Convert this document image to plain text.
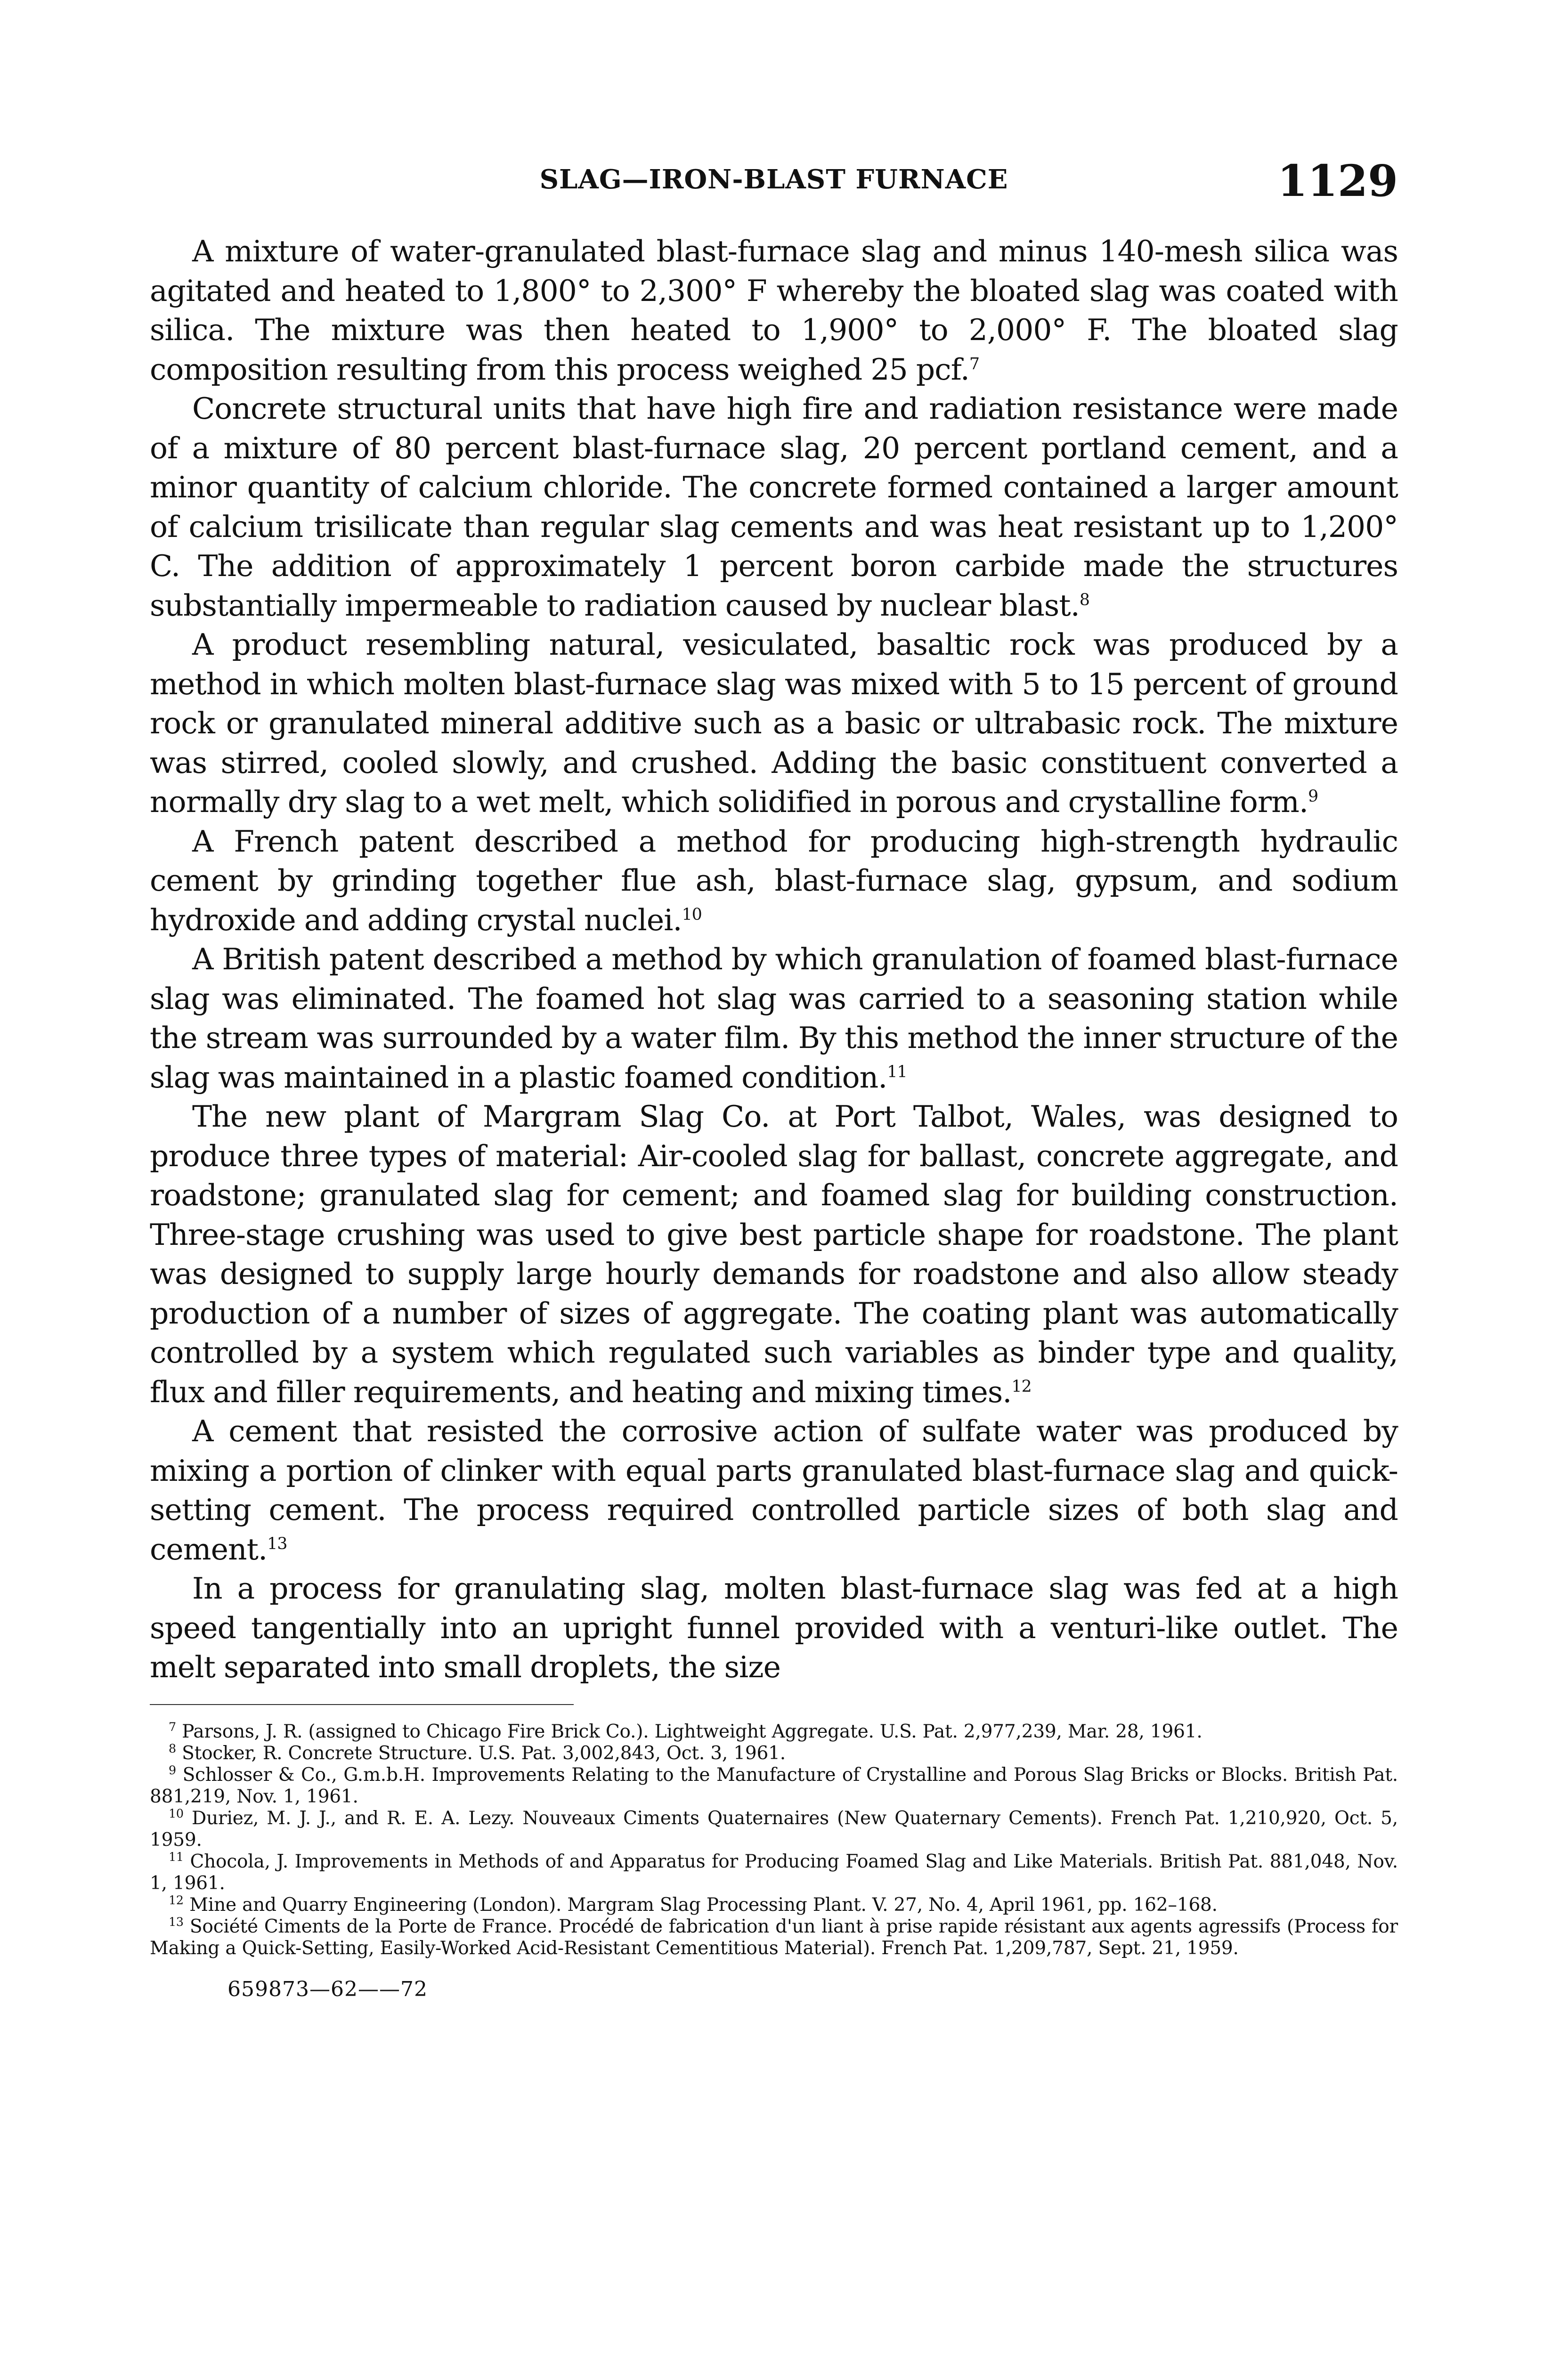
SLAG—IRON-BLAST FURNACE	1129

A mixture of water-granulated blast-furnace slag and minus 140-mesh silica was agitated and heated to 1,800° to 2,300° F whereby the bloated slag was coated with silica. The mixture was then heated to 1,900° to 2,000° F. The bloated slag composition resulting from this process weighed 25 pcf.$^7$

Concrete structural units that have high fire and radiation resistance were made of a mixture of 80 percent blast-furnace slag, 20 percent portland cement, and a minor quantity of calcium chloride. The concrete formed contained a larger amount of calcium trisilicate than regular slag cements and was heat resistant up to 1,200° C. The addition of approximately 1 percent boron carbide made the structures substantially impermeable to radiation caused by nuclear blast.$^8$

A product resembling natural, vesiculated, basaltic rock was produced by a method in which molten blast-furnace slag was mixed with 5 to 15 percent of ground rock or granulated mineral additive such as a basic or ultrabasic rock. The mixture was stirred, cooled slowly, and crushed. Adding the basic constituent converted a normally dry slag to a wet melt, which solidified in porous and crystalline form.$^9$

A French patent described a method for producing high-strength hydraulic cement by grinding together flue ash, blast-furnace slag, gypsum, and sodium hydroxide and adding crystal nuclei.$^{10}$

A British patent described a method by which granulation of foamed blast-furnace slag was eliminated. The foamed hot slag was carried to a seasoning station while the stream was surrounded by a water film. By this method the inner structure of the slag was maintained in a plastic foamed condition.$^{11}$

The new plant of Margram Slag Co. at Port Talbot, Wales, was designed to produce three types of material: Air-cooled slag for ballast, concrete aggregate, and roadstone; granulated slag for cement; and foamed slag for building construction. Three-stage crushing was used to give best particle shape for roadstone. The plant was designed to supply large hourly demands for roadstone and also allow steady production of a number of sizes of aggregate. The coating plant was automatically controlled by a system which regulated such variables as binder type and quality, flux and filler requirements, and heating and mixing times.$^{12}$

A cement that resisted the corrosive action of sulfate water was produced by mixing a portion of clinker with equal parts granulated blast-furnace slag and quick-setting cement. The process required controlled particle sizes of both slag and cement.$^{13}$

In a process for granulating slag, molten blast-furnace slag was fed at a high speed tangentially into an upright funnel provided with a venturi-like outlet. The melt separated into small droplets, the size

$^7$ Parsons, J. R. (assigned to Chicago Fire Brick Co.). Lightweight Aggregate. U.S. Pat. 2,977,239, Mar. 28, 1961.

$^8$ Stocker, R. Concrete Structure. U.S. Pat. 3,002,843, Oct. 3, 1961.

$^9$ Schlosser & Co., G.m.b.H. Improvements Relating to the Manufacture of Crystalline and Porous Slag Bricks or Blocks. British Pat. 881,219, Nov. 1, 1961.

$^{10}$ Duriez, M. J. J., and R. E. A. Lezy. Nouveaux Ciments Quaternaires (New Quaternary Cements). French Pat. 1,210,920, Oct. 5, 1959.

$^{11}$ Chocola, J. Improvements in Methods of and Apparatus for Producing Foamed Slag and Like Materials. British Pat. 881,048, Nov. 1, 1961.

$^{12}$ Mine and Quarry Engineering (London). Margram Slag Processing Plant. V. 27, No. 4, April 1961, pp. 162–168.

$^{13}$ Société Ciments de la Porte de France. Procédé de fabrication d'un liant à prise rapide résistant aux agents agressifs (Process for Making a Quick-Setting, Easily-Worked Acid-Resistant Cementitious Material). French Pat. 1,209,787, Sept. 21, 1959.

659873—62——72
